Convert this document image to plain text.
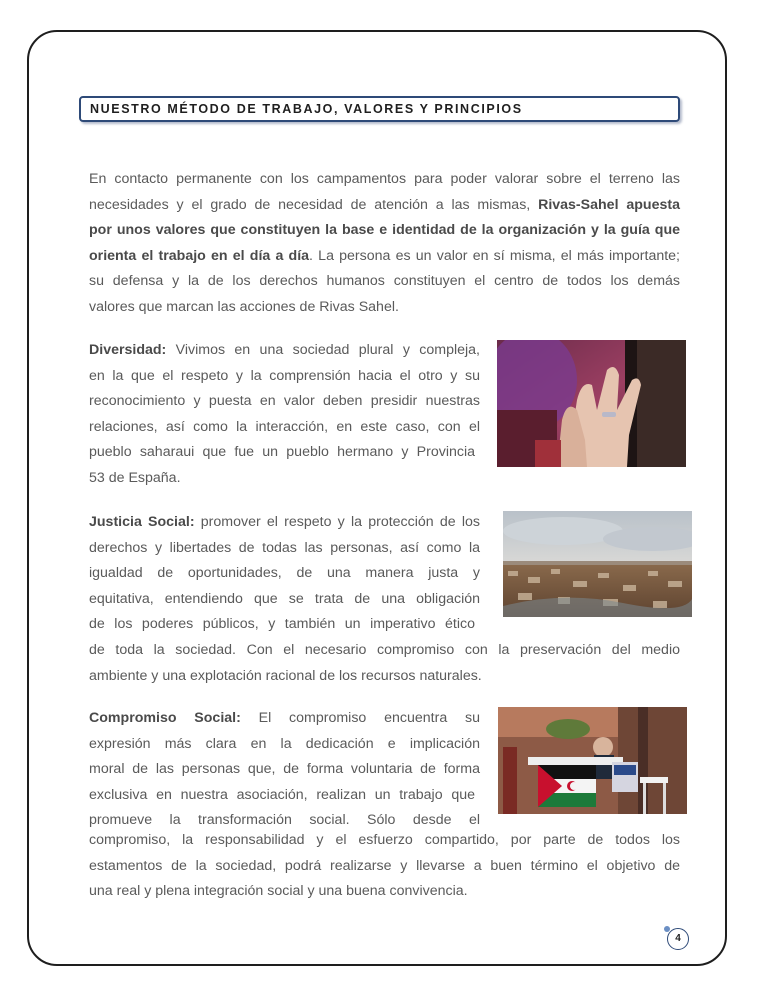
NUESTRO MÉTODO DE TRABAJO, VALORES Y PRINCIPIOS
En contacto permanente con los campamentos para poder valorar sobre el terreno las
necesidades y el grado de necesidad de atención a las mismas, Rivas-Sahel apuesta
por unos valores que constituyen la base e identidad de la organización y la guía que
orienta el trabajo en el día a día. La persona es un valor en sí misma, el más importante;
su defensa y la de los derechos humanos constituyen el centro de todos los demás
valores que marcan las acciones de Rivas Sahel.
Diversidad: Vivimos en una sociedad plural y compleja,
en la que el respeto y la comprensión hacia el otro y su
reconocimiento y puesta en valor deben presidir nuestras
relaciones, así como la interacción, en este caso, con el
pueblo saharaui que fue un pueblo hermano y Provincia
53 de España.
Justicia Social: promover el respeto y la protección de los
derechos y libertades de todas las personas, así como la
igualdad de oportunidades, de una manera justa y
equitativa, entendiendo que se trata de una obligación
de los poderes públicos, y también un imperativo ético
de toda la sociedad. Con el necesario compromiso con la preservación del medio
ambiente y una explotación racional de los recursos naturales.
Compromiso Social: El compromiso encuentra su
expresión más clara en la dedicación e implicación
moral de las personas que, de forma voluntaria de forma
exclusiva en nuestra asociación, realizan un trabajo que
promueve la transformación social. Sólo desde el
compromiso, la responsabilidad y el esfuerzo compartido, por parte de todos los
estamentos de la sociedad, podrá realizarse y llevarse a buen término el objetivo de
una real y plena integración social y una buena convivencia.
4
